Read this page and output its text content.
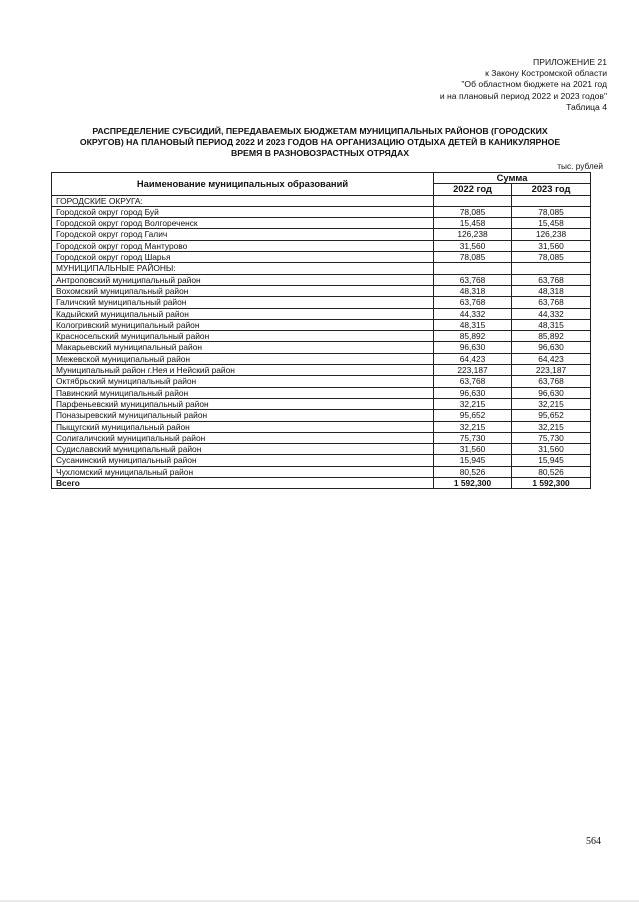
ПРИЛОЖЕНИЕ 21
к Закону Костромской области
"Об областном бюджете на 2021 год
и на плановый период 2022 и 2023 годов"
Таблица 4
РАСПРЕДЕЛЕНИЕ СУБСИДИЙ, ПЕРЕДАВАЕМЫХ БЮДЖЕТАМ МУНИЦИПАЛЬНЫХ РАЙОНОВ (ГОРОДСКИХ
ОКРУГОВ) НА ПЛАНОВЫЙ ПЕРИОД 2022 И 2023 ГОДОВ НА ОРГАНИЗАЦИЮ ОТДЫХА ДЕТЕЙ В КАНИКУЛЯРНОЕ
ВРЕМЯ В РАЗНОВОЗРАСТНЫХ ОТРЯДАХ
тыс. рублей
Наименование муниципальных образований	Сумма	
	2022 год	2023 год
ГОРОДСКИЕ ОКРУГА:		
Городской округ город Буй	78,085	78,085
Городской округ город Волгореченск	15,458	15,458
Городской округ город Галич	126,238	126,238
Городской округ город Мантурово	31,560	31,560
Городской округ город Шарья	78,085	78,085
МУНИЦИПАЛЬНЫЕ РАЙОНЫ:		
Антроповский муниципальный район	63,768	63,768
Вохомский муниципальный район	48,318	48,318
Галичский муниципальный район	63,768	63,768
Кадыйский муниципальный район	44,332	44,332
Кологривский муниципальный район	48,315	48,315
Красносельский муниципальный район	85,892	85,892
Макарьевский муниципальный район	96,630	96,630
Межевской муниципальный район	64,423	64,423
Муниципальный район г.Нея и Нейский район	223,187	223,187
Октябрьский муниципальный район	63,768	63,768
Павинский муниципальный район	96,630	96,630
Парфеньевский муниципальный район	32,215	32,215
Поназыревский муниципальный район	95,652	95,652
Пыщугский муниципальный район	32,215	32,215
Солигаличский муниципальный район	75,730	75,730
Судиславский муниципальный район	31,560	31,560
Сусанинский муниципальный район	15,945	15,945
Чухломский муниципальный район	80,526	80,526
Всего	1 592,300	1 592,300
564
